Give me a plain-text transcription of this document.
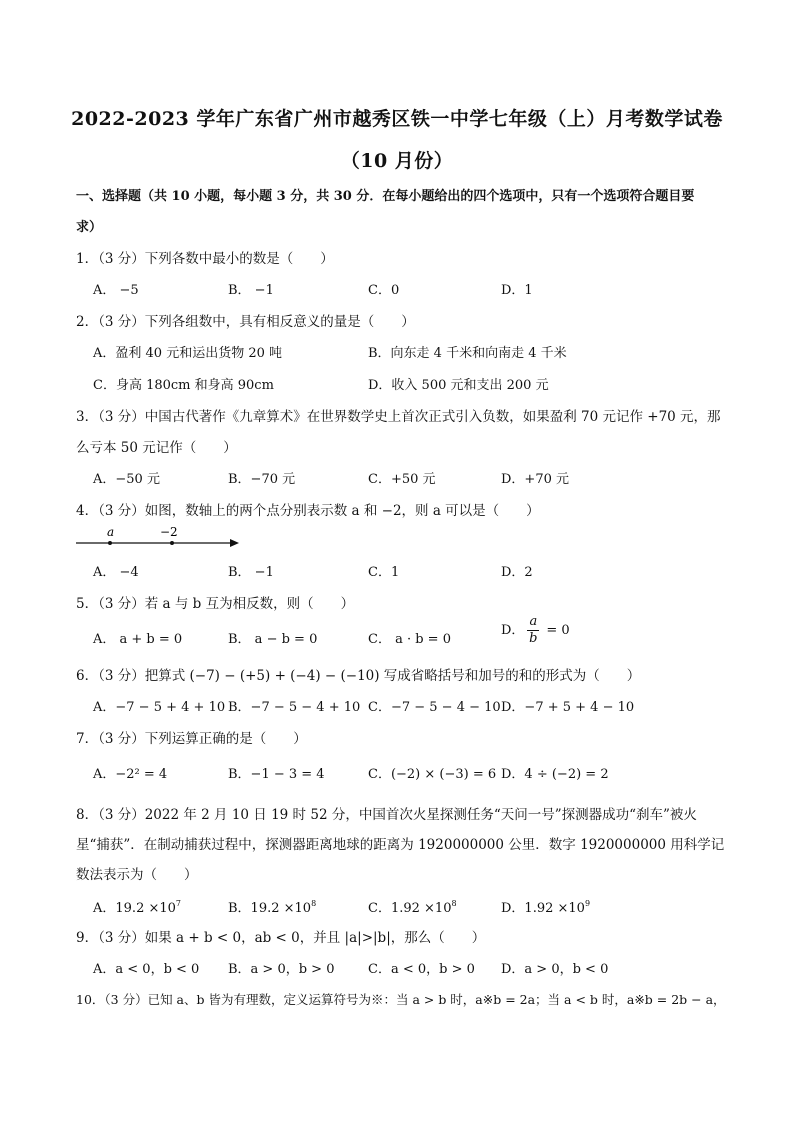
2022-2023 学年广东省广州市越秀区铁一中学七年级（上）月考数学试卷
（10 月份）
一、选择题（共 10 小题，每小题 3 分，共 30 分．在每小题给出的四个选项中，只有一个选项符合题目要
求）
1．（3 分）下列各数中最小的数是（　　）
A． −5	B． −1	C．0	D．1
2．（3 分）下列各组数中，具有相反意义的量是（　　）
A．盈利 40 元和运出货物 20 吨	B．向东走 4 千米和向南走 4 千米
C．身高 180cm 和身高 90cm	D．收入 500 元和支出 200 元
3．（3 分）中国古代著作《九章算术》在世界数学史上首次正式引入负数，如果盈利 70 元记作 +70 元，那
么亏本 50 元记作（　　）
A．−50 元	B．−70 元	C．+50 元	D．+70 元
4．（3 分）如图，数轴上的两个点分别表示数 a 和 −2，则 a 可以是（　　）
a	−2
A． −4	B． −1	C．1	D．2
5．（3 分）若 a 与 b 互为相反数，则（　　）
A． a + b = 0	B． a − b = 0	C． a · b = 0
D． $\frac{a}{b} = 0$
6．（3 分）把算式 (−7) − (+5) + (−4) − (−10) 写成省略括号和加号的和的形式为（　　）
A．−7 − 5 + 4 + 10 B．−7 − 5 − 4 + 10 C．−7 − 5 − 4 − 10 D．−7 + 5 + 4 − 10
7．（3 分）下列运算正确的是（　　）
A．−2² = 4	B．−1 − 3 = 4	C．(−2) × (−3) = 6 D．4 ÷ (−2) = 2
8．（3 分）2022 年 2 月 10 日 19 时 52 分，中国首次火星探测任务“天问一号”探测器成功“刹车”被火
星“捕获”．在制动捕获过程中，探测器距离地球的距离为 1920000000 公里．数字 1920000000 用科学记
数法表示为（　　）
A．$19.2 \times 10^7$	B．$19.2 \times 10^8$	C．$1.92 \times 10^8$	D．$1.92 \times 10^9$
9．（3 分）如果 a + b < 0，ab < 0，并且 |a|>|b|，那么（　　）
A．a < 0，b < 0 B．a > 0，b > 0	C．a < 0，b > 0 D．a > 0，b < 0
10．（3 分）已知 a、b 皆为有理数，定义运算符号为※：当 a > b 时，a※b = 2a；当 a < b 时，a※b = 2b − a，
